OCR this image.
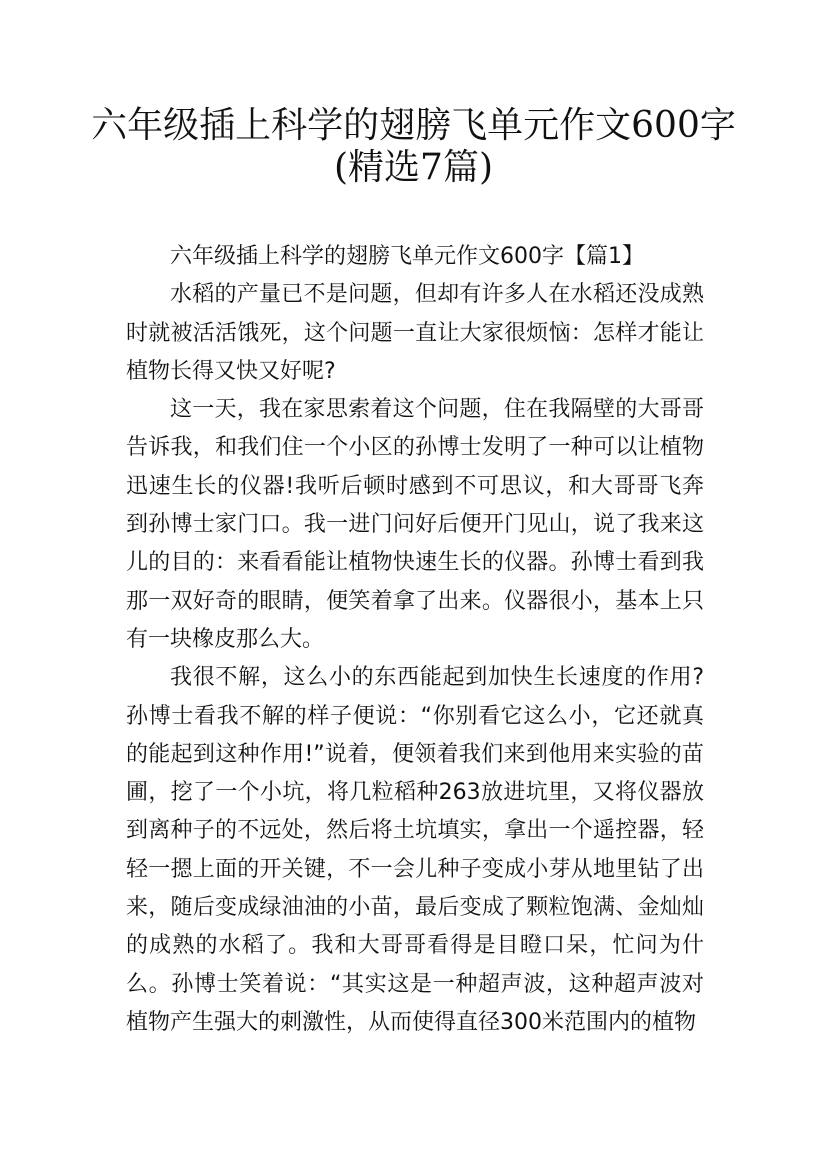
六年级插上科学的翅膀飞单元作文600字
(精选7篇)

六年级插上科学的翅膀飞单元作文600字【篇1】

水稻的产量已不是问题，但却有许多人在水稻还没成熟时就被活活饿死，这个问题一直让大家很烦恼：怎样才能让植物长得又快又好呢?

这一天，我在家思索着这个问题，住在我隔壁的大哥哥告诉我，和我们住一个小区的孙博士发明了一种可以让植物迅速生长的仪器!我听后顿时感到不可思议，和大哥哥飞奔到孙博士家门口。我一进门问好后便开门见山，说了我来这儿的目的：来看看能让植物快速生长的仪器。孙博士看到我那一双好奇的眼睛，便笑着拿了出来。仪器很小，基本上只有一块橡皮那么大。

我很不解，这么小的东西能起到加快生长速度的作用?孙博士看我不解的样子便说：“你别看它这么小，它还就真的能起到这种作用!”说着，便领着我们来到他用来实验的苗圃，挖了一个小坑，将几粒稻种263放进坑里，又将仪器放到离种子的不远处，然后将土坑填实，拿出一个遥控器，轻轻一摁上面的开关键，不一会儿种子变成小芽从地里钻了出来，随后变成绿油油的小苗，最后变成了颗粒饱满、金灿灿的成熟的水稻了。我和大哥哥看得是目瞪口呆，忙问为什么。孙博士笑着说：“其实这是一种超声波，这种超声波对植物产生强大的刺激性，从而使得直径300米范围内的植物
